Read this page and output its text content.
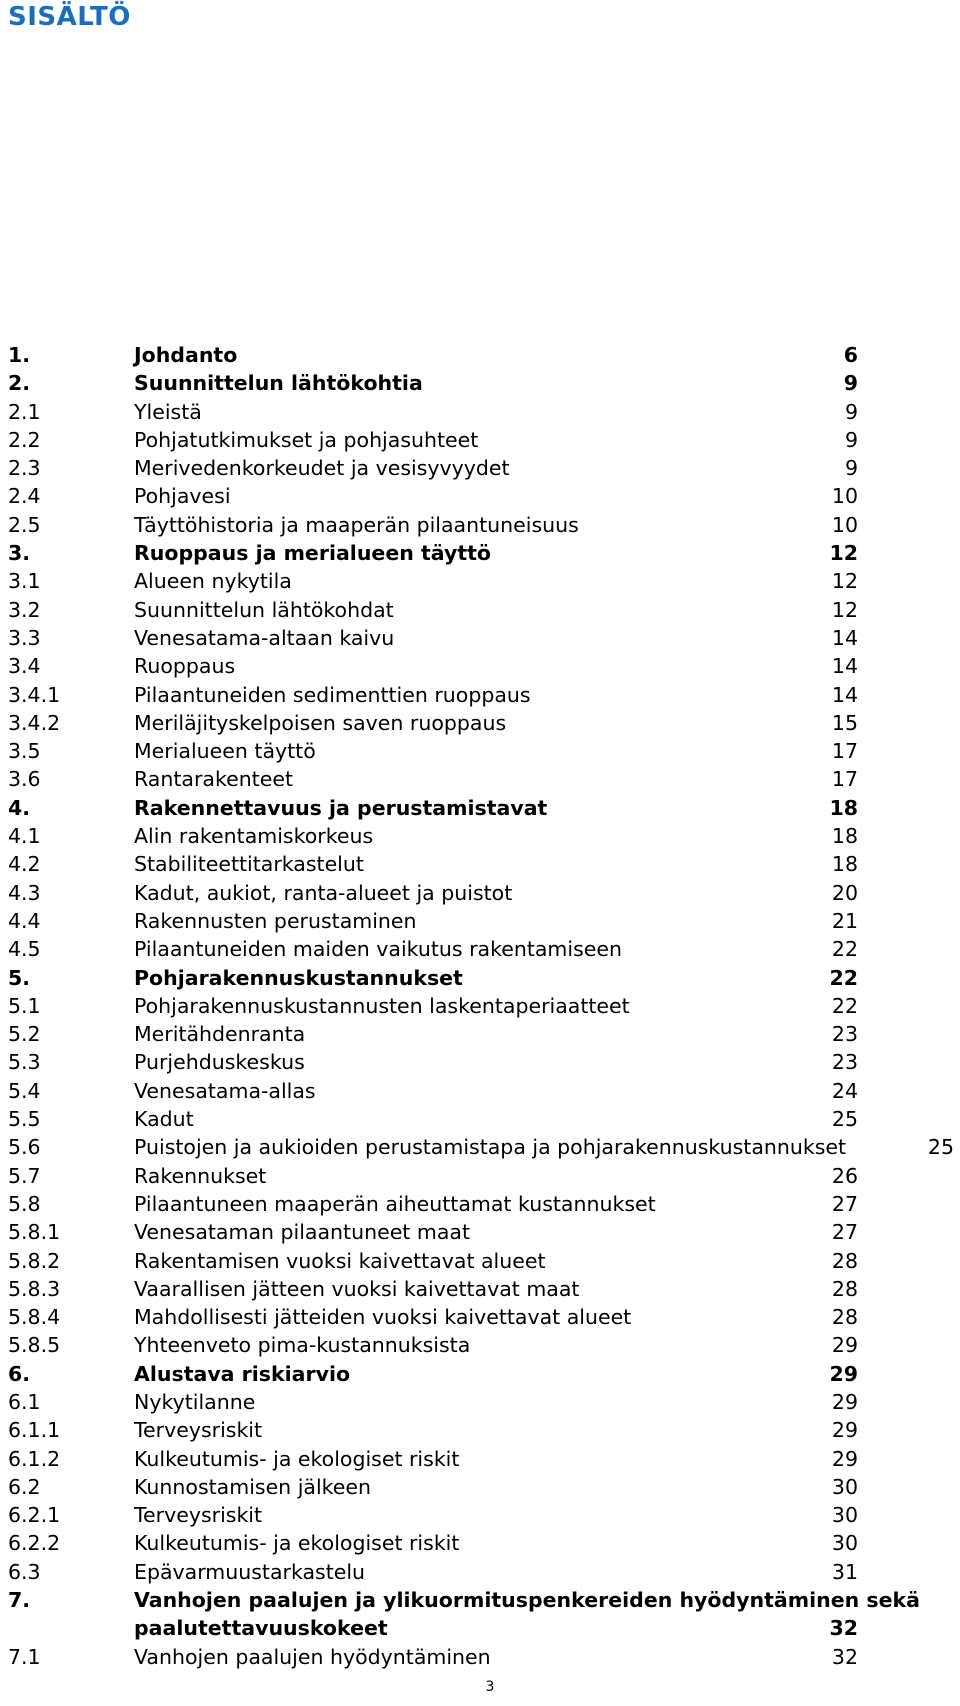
SISÄLTÖ
1.	Johdanto	6
2.	Suunnittelun lähtökohtia	9
2.1	Yleistä	9
2.2	Pohjatutkimukset ja pohjasuhteet	9
2.3	Merivedenkorkeudet ja vesisyvyydet	9
2.4	Pohjavesi	10
2.5	Täyttöhistoria ja maaperän pilaantuneisuus	10
3.	Ruoppaus ja merialueen täyttö	12
3.1	Alueen nykytila	12
3.2	Suunnittelun lähtökohdat	12
3.3	Venesatama-altaan kaivu	14
3.4	Ruoppaus	14
3.4.1	Pilaantuneiden sedimenttien ruoppaus	14
3.4.2	Meriläjityskelpoisen saven ruoppaus	15
3.5	Merialueen täyttö	17
3.6	Rantarakenteet	17
4.	Rakennettavuus ja perustamistavat	18
4.1	Alin rakentamiskorkeus	18
4.2	Stabiliteettitarkastelut	18
4.3	Kadut, aukiot, ranta-alueet ja puistot	20
4.4	Rakennusten perustaminen	21
4.5	Pilaantuneiden maiden vaikutus rakentamiseen	22
5.	Pohjarakennuskustannukset	22
5.1	Pohjarakennuskustannusten laskentaperiaatteet	22
5.2	Meritähdenranta	23
5.3	Purjehduskeskus	23
5.4	Venesatama-allas	24
5.5	Kadut	25
5.6	Puistojen ja aukioiden perustamistapa ja pohjarakennuskustannukset	25
5.7	Rakennukset	26
5.8	Pilaantuneen maaperän aiheuttamat kustannukset	27
5.8.1	Venesataman pilaantuneet maat	27
5.8.2	Rakentamisen vuoksi kaivettavat alueet	28
5.8.3	Vaarallisen jätteen vuoksi kaivettavat maat	28
5.8.4	Mahdollisesti jätteiden vuoksi kaivettavat alueet	28
5.8.5	Yhteenveto pima-kustannuksista	29
6.	Alustava riskiarvio	29
6.1	Nykytilanne	29
6.1.1	Terveysriskit	29
6.1.2	Kulkeutumis- ja ekologiset riskit	29
6.2	Kunnostamisen jälkeen	30
6.2.1	Terveysriskit	30
6.2.2	Kulkeutumis- ja ekologiset riskit	30
6.3	Epävarmuustarkastelu	31
7.	Vanhojen paalujen ja ylikuormituspenkereiden hyödyntäminen sekä
paalutettavuuskokeet	32
7.1	Vanhojen paalujen hyödyntäminen	32
3
